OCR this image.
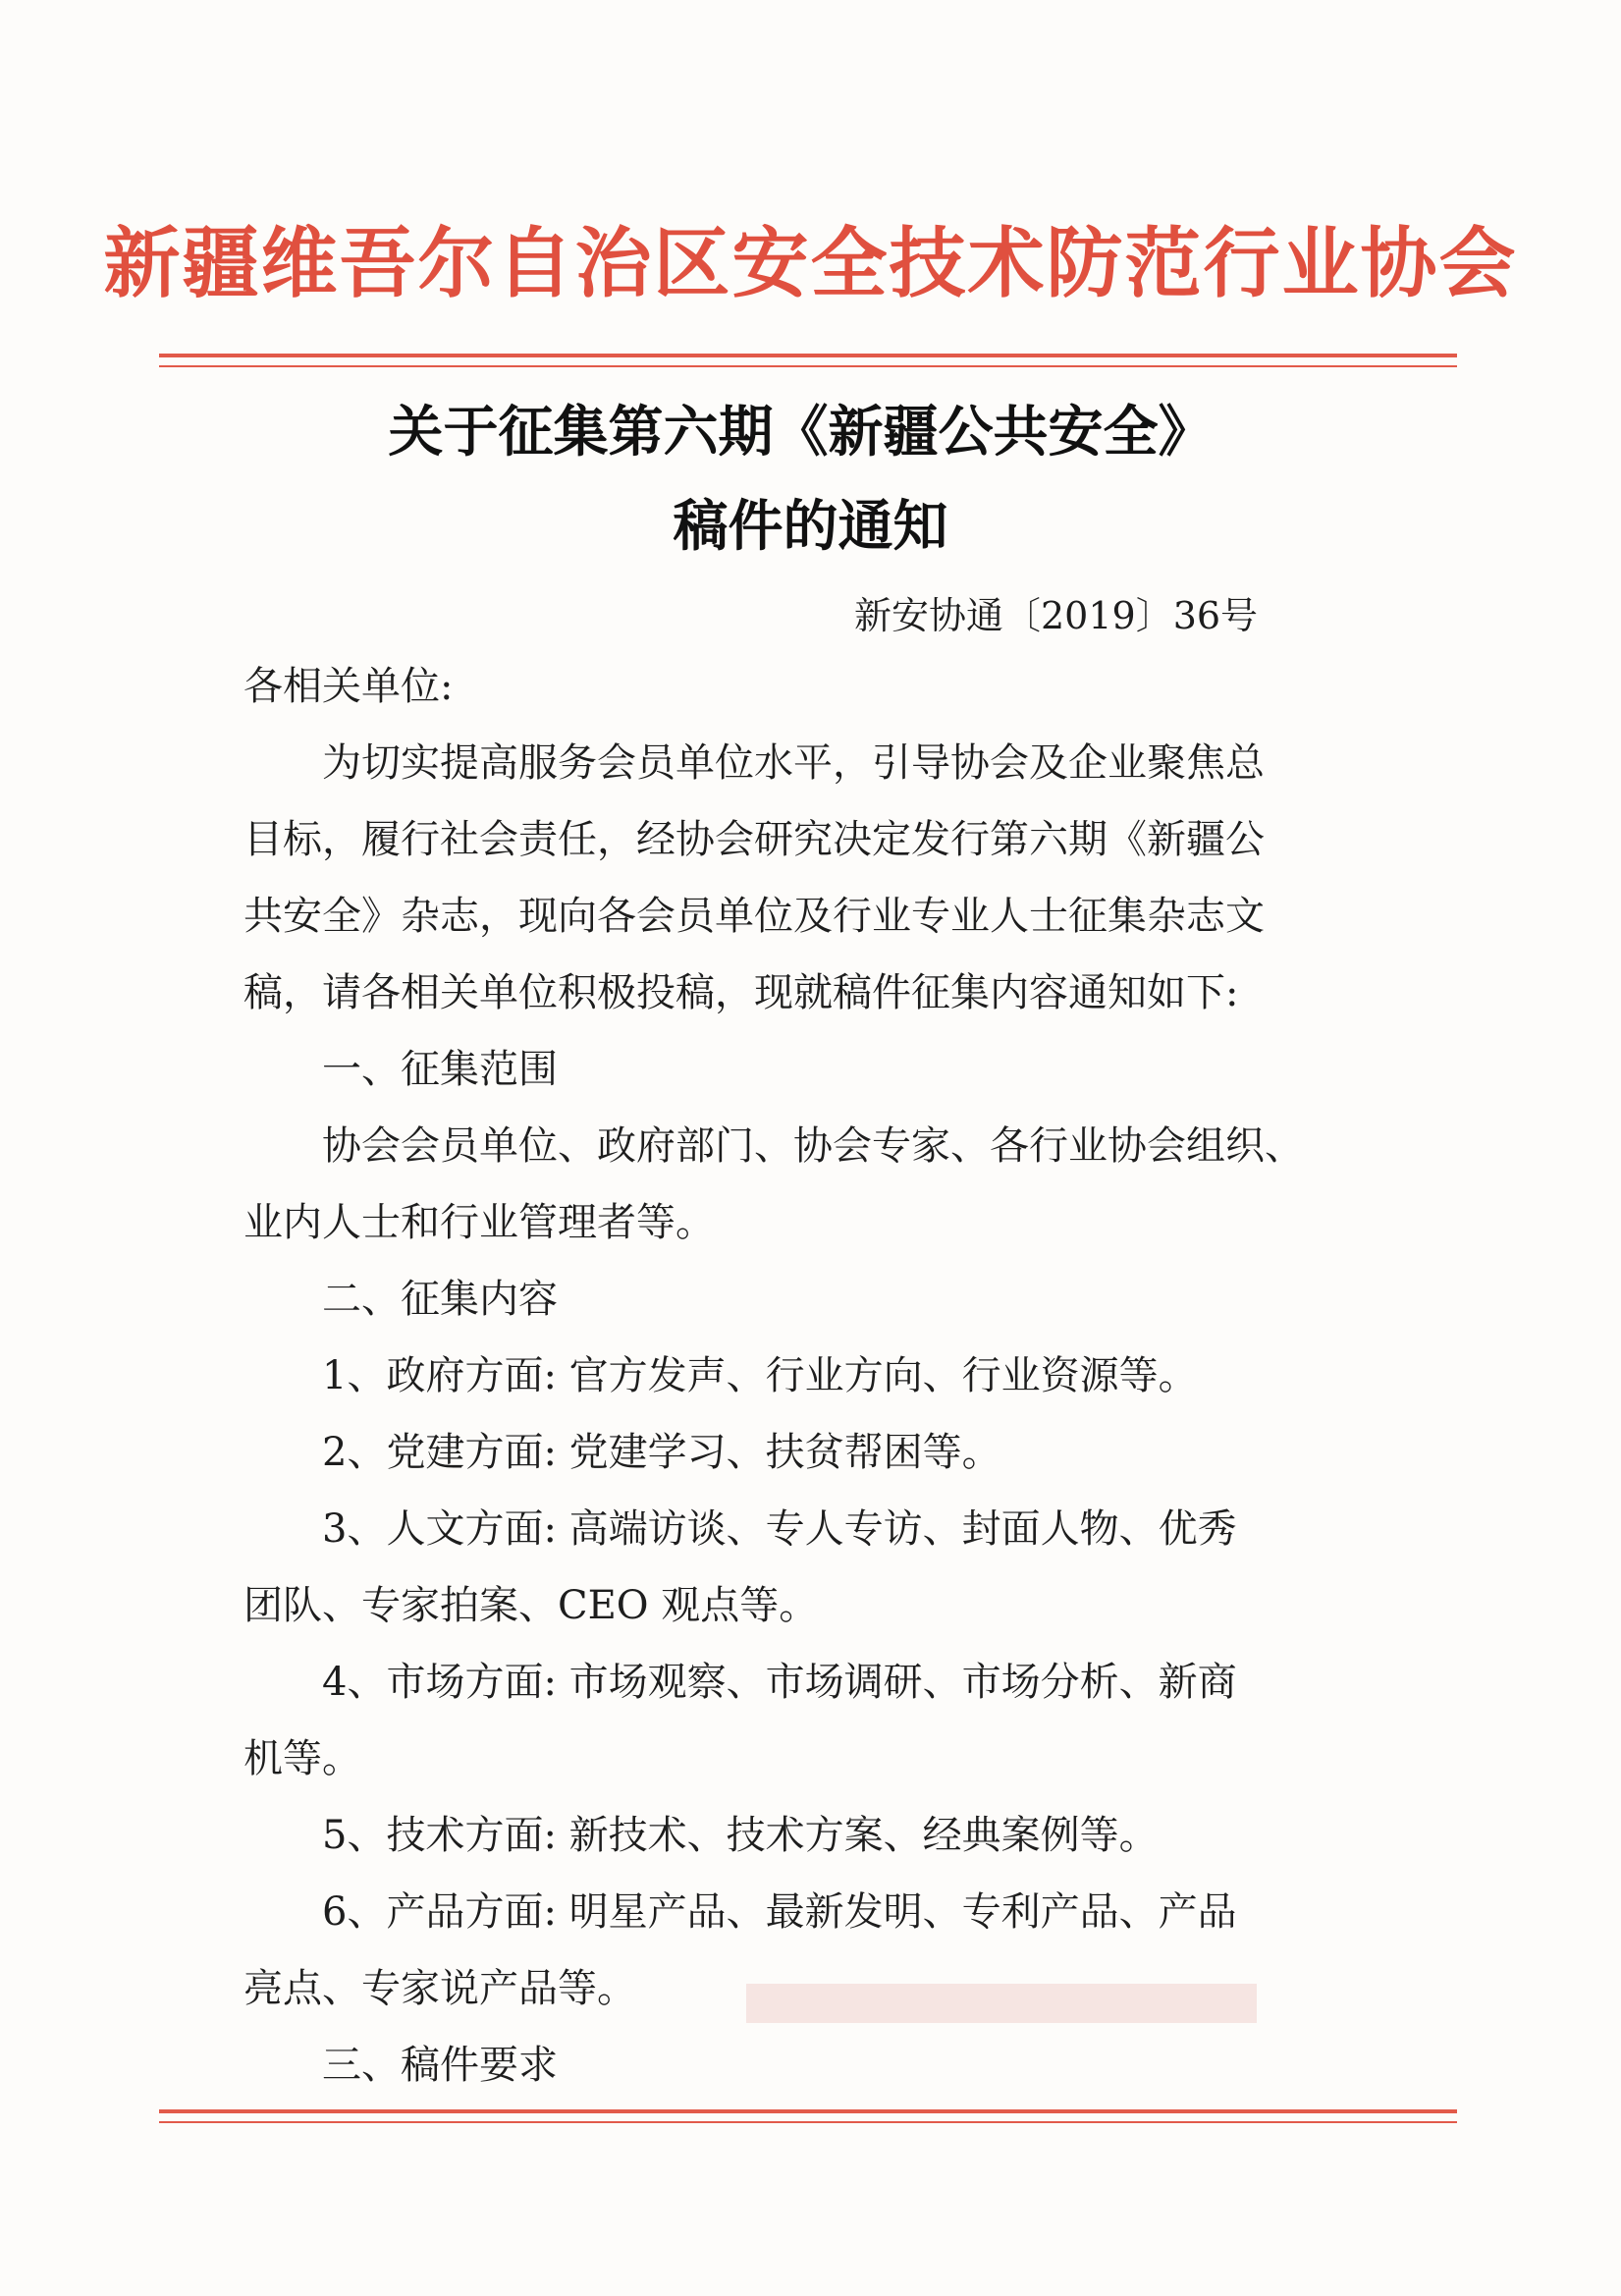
新疆维吾尔自治区安全技术防范行业协会
关于征集第六期《新疆公共安全》
稿件的通知
新安协通〔2019〕36号
各相关单位:
为切实提高服务会员单位水平，引导协会及企业聚焦总
目标，履行社会责任，经协会研究决定发行第六期《新疆公
共安全》杂志，现向各会员单位及行业专业人士征集杂志文
稿，请各相关单位积极投稿，现就稿件征集内容通知如下:
一、征集范围
协会会员单位、政府部门、协会专家、各行业协会组织、
业内人士和行业管理者等。
二、征集内容
1、政府方面: 官方发声、行业方向、行业资源等。
2、党建方面: 党建学习、扶贫帮困等。
3、人文方面: 高端访谈、专人专访、封面人物、优秀
团队、专家拍案、CEO 观点等。
4、市场方面: 市场观察、市场调研、市场分析、新商
机等。
5、技术方面: 新技术、技术方案、经典案例等。
6、产品方面: 明星产品、最新发明、专利产品、产品
亮点、专家说产品等。
三、稿件要求
